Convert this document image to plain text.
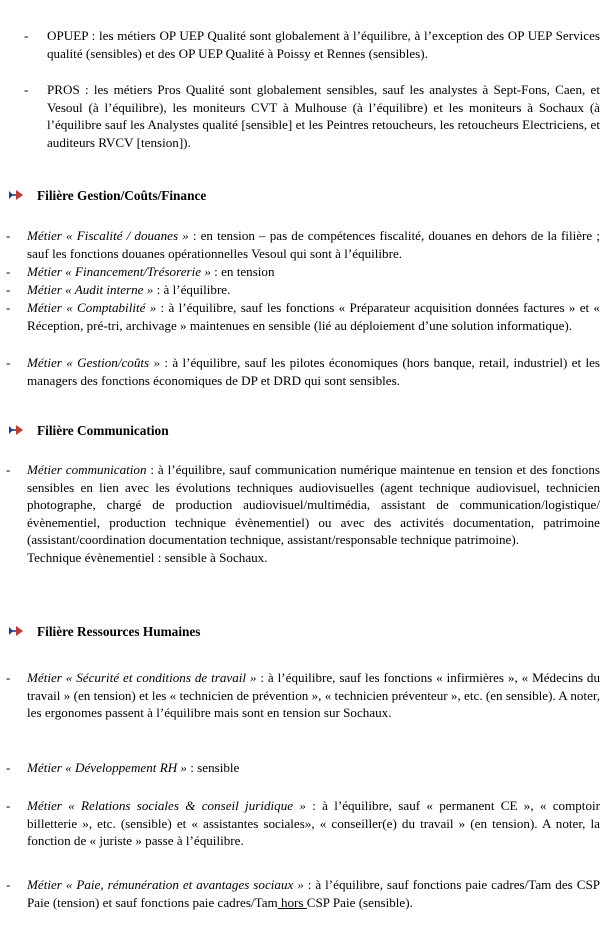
- OPUEP : les métiers OP UEP Qualité sont globalement à l’équilibre, à l’exception des OP UEP Services qualité (sensibles) et des OP UEP Qualité à Poissy et Rennes (sensibles).
- PROS : les métiers Pros Qualité sont globalement sensibles, sauf les analystes à Sept-Fons, Caen, et Vesoul (à l’équilibre), les moniteurs CVT à Mulhouse (à l’équilibre) et les moniteurs à Sochaux (à l’équilibre sauf les Analystes qualité [sensible] et les Peintres retoucheurs, les retoucheurs Electriciens, et auditeurs RVCV [tension]).
Filière Gestion/Coûts/Finance
- Métier « Fiscalité / douanes » : en tension – pas de compétences fiscalité, douanes en dehors de la filière ; sauf les fonctions douanes opérationnelles Vesoul qui sont à l’équilibre.
- Métier « Financement/Trésorerie » : en tension
- Métier « Audit interne » : à l’équilibre.
- Métier « Comptabilité » : à l’équilibre, sauf les fonctions « Préparateur acquisition données factures » et « Réception, pré-tri, archivage » maintenues en sensible (lié au déploiement d’une solution informatique).
- Métier « Gestion/coûts » : à l’équilibre, sauf les pilotes économiques (hors banque, retail, industriel) et les managers des fonctions économiques de DP et DRD qui sont sensibles.
Filière Communication
- Métier communication : à l’équilibre, sauf communication numérique maintenue en tension et des fonctions sensibles en lien avec les évolutions techniques audiovisuelles (agent technique audiovisuel, technicien photographe, chargé de production audiovisuel/multimédia, assistant de communication/logistique/évènementiel, production technique évènementiel) ou avec des activités documentation, patrimoine (assistant/coordination documentation technique, assistant/responsable technique patrimoine).
Technique évènementiel : sensible à Sochaux.
Filière Ressources Humaines
- Métier « Sécurité et conditions de travail » : à l’équilibre, sauf les fonctions « infirmières », « Médecins du travail » (en tension) et les « technicien de prévention », « technicien préventeur », etc. (en sensible). A noter, les ergonomes passent à l’équilibre mais sont en tension sur Sochaux.
- Métier « Développement RH » : sensible
- Métier « Relations sociales & conseil juridique » : à l’équilibre, sauf « permanent CE », « comptoir billetterie », etc. (sensible) et « assistantes sociales», « conseiller(e) du travail » (en tension). A noter, la fonction de « juriste » passe à l’équilibre.
- Métier « Paie, rémunération et avantages sociaux » : à l’équilibre, sauf fonctions paie cadres/Tam des CSP Paie (tension) et sauf fonctions paie cadres/Tam hors CSP Paie (sensible).
